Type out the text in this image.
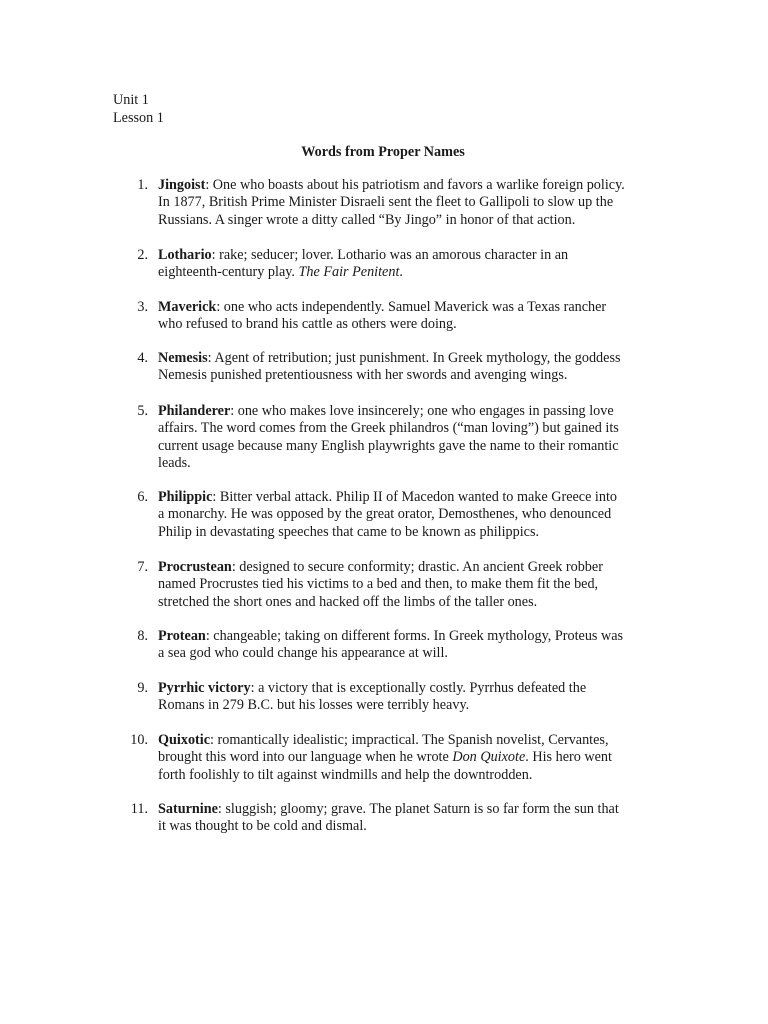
Unit 1
Lesson 1
Words from Proper Names
1. Jingoist: One who boasts about his patriotism and favors a warlike foreign policy.
In 1877, British Prime Minister Disraeli sent the fleet to Gallipoli to slow up the
Russians. A singer wrote a ditty called “By Jingo” in honor of that action.
2. Lothario: rake; seducer; lover. Lothario was an amorous character in an
eighteenth-century play. The Fair Penitent.
3. Maverick: one who acts independently. Samuel Maverick was a Texas rancher
who refused to brand his cattle as others were doing.
4. Nemesis: Agent of retribution; just punishment. In Greek mythology, the goddess
Nemesis punished pretentiousness with her swords and avenging wings.
5. Philanderer: one who makes love insincerely; one who engages in passing love
affairs. The word comes from the Greek philandros (“man loving”) but gained its
current usage because many English playwrights gave the name to their romantic
leads.
6. Philippic: Bitter verbal attack. Philip II of Macedon wanted to make Greece into
a monarchy. He was opposed by the great orator, Demosthenes, who denounced
Philip in devastating speeches that came to be known as philippics.
7. Procrustean: designed to secure conformity; drastic. An ancient Greek robber
named Procrustes tied his victims to a bed and then, to make them fit the bed,
stretched the short ones and hacked off the limbs of the taller ones.
8. Protean: changeable; taking on different forms. In Greek mythology, Proteus was
a sea god who could change his appearance at will.
9. Pyrrhic victory: a victory that is exceptionally costly. Pyrrhus defeated the
Romans in 279 B.C. but his losses were terribly heavy.
10. Quixotic: romantically idealistic; impractical. The Spanish novelist, Cervantes,
brought this word into our language when he wrote Don Quixote. His hero went
forth foolishly to tilt against windmills and help the downtrodden.
11. Saturnine: sluggish; gloomy; grave. The planet Saturn is so far form the sun that
it was thought to be cold and dismal.
